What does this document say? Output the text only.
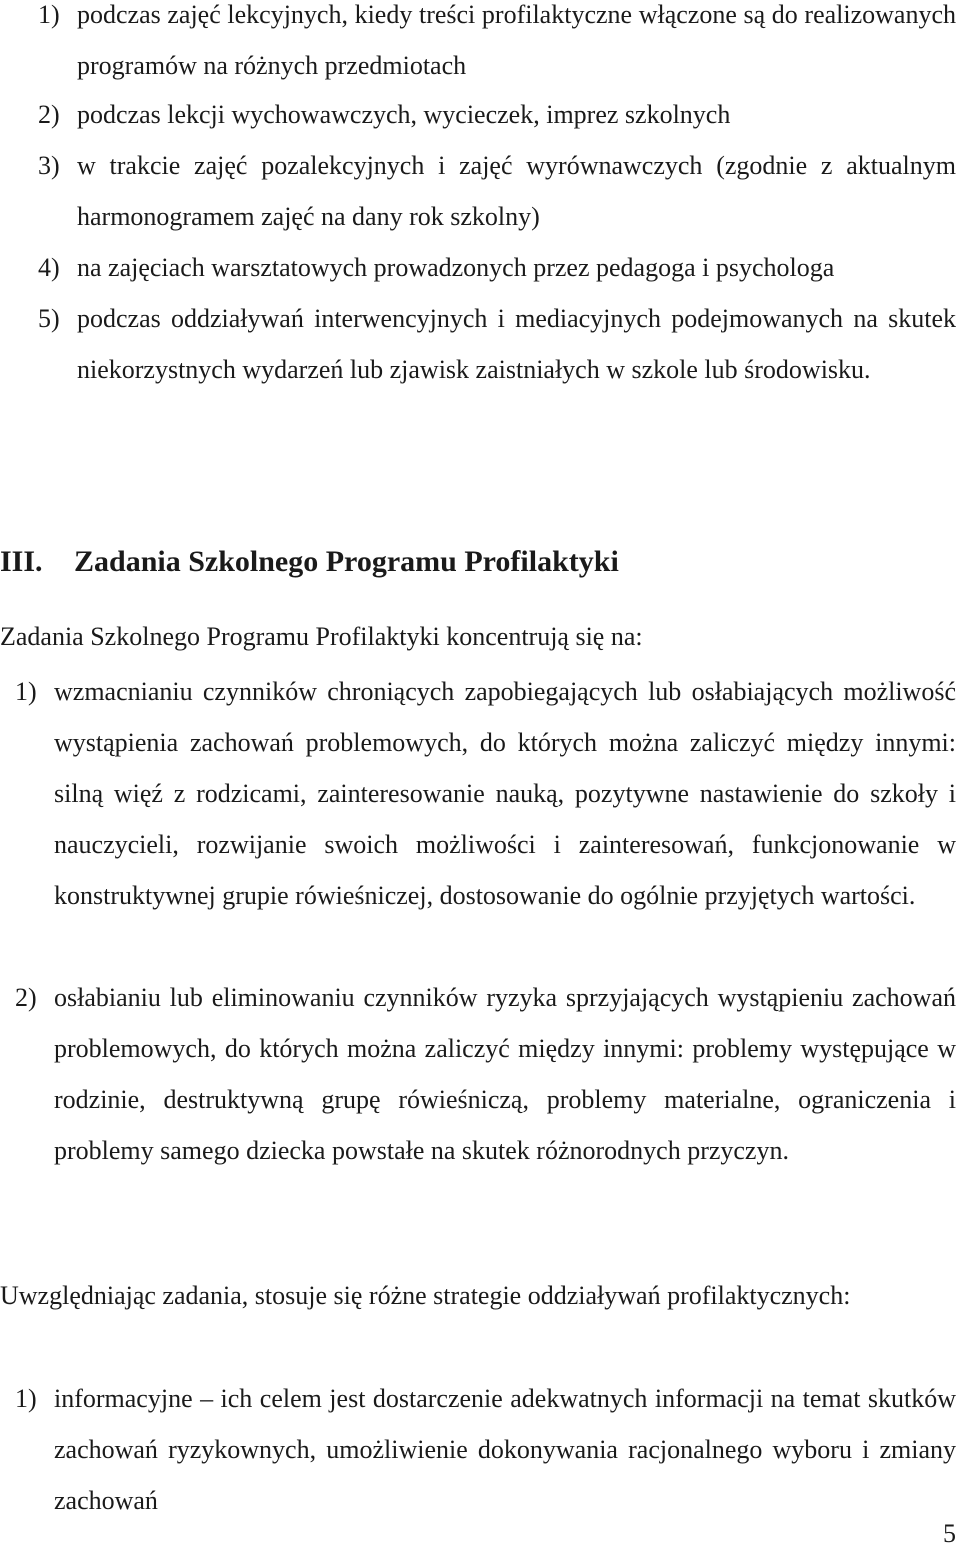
1) podczas zajęć lekcyjnych, kiedy treści profilaktyczne włączone są do realizowanych programów na różnych przedmiotach
2) podczas lekcji wychowawczych, wycieczek, imprez szkolnych
3) w trakcie zajęć pozalekcyjnych i zajęć wyrównawczych (zgodnie z aktualnym harmonogramem zajęć na dany rok szkolny)
4) na zajęciach warsztatowych prowadzonych przez pedagoga i psychologa
5) podczas oddziaływań interwencyjnych i mediacyjnych podejmowanych na skutek niekorzystnych wydarzeń lub zjawisk zaistniałych w szkole lub środowisku.
III. Zadania Szkolnego Programu Profilaktyki
Zadania Szkolnego Programu Profilaktyki koncentrują się na:
1) wzmacnianiu czynników chroniących zapobiegających lub osłabiających możliwość wystąpienia zachowań problemowych, do których można zaliczyć między innymi: silną więź z rodzicami, zainteresowanie nauką, pozytywne nastawienie do szkoły i nauczycieli, rozwijanie swoich możliwości i zainteresowań, funkcjonowanie w konstruktywnej grupie rówieśniczej, dostosowanie do ogólnie przyjętych wartości.
2) osłabianiu lub eliminowaniu czynników ryzyka sprzyjających wystąpieniu zachowań problemowych, do których można zaliczyć między innymi: problemy występujące w rodzinie, destruktywną grupę rówieśniczą, problemy materialne, ograniczenia i problemy samego dziecka powstałe na skutek różnorodnych przyczyn.
Uwzględniając zadania, stosuje się różne strategie oddziaływań profilaktycznych:
1) informacyjne – ich celem jest dostarczenie adekwatnych informacji na temat skutków zachowań ryzykownych, umożliwienie dokonywania racjonalnego wyboru i zmiany zachowań
5
